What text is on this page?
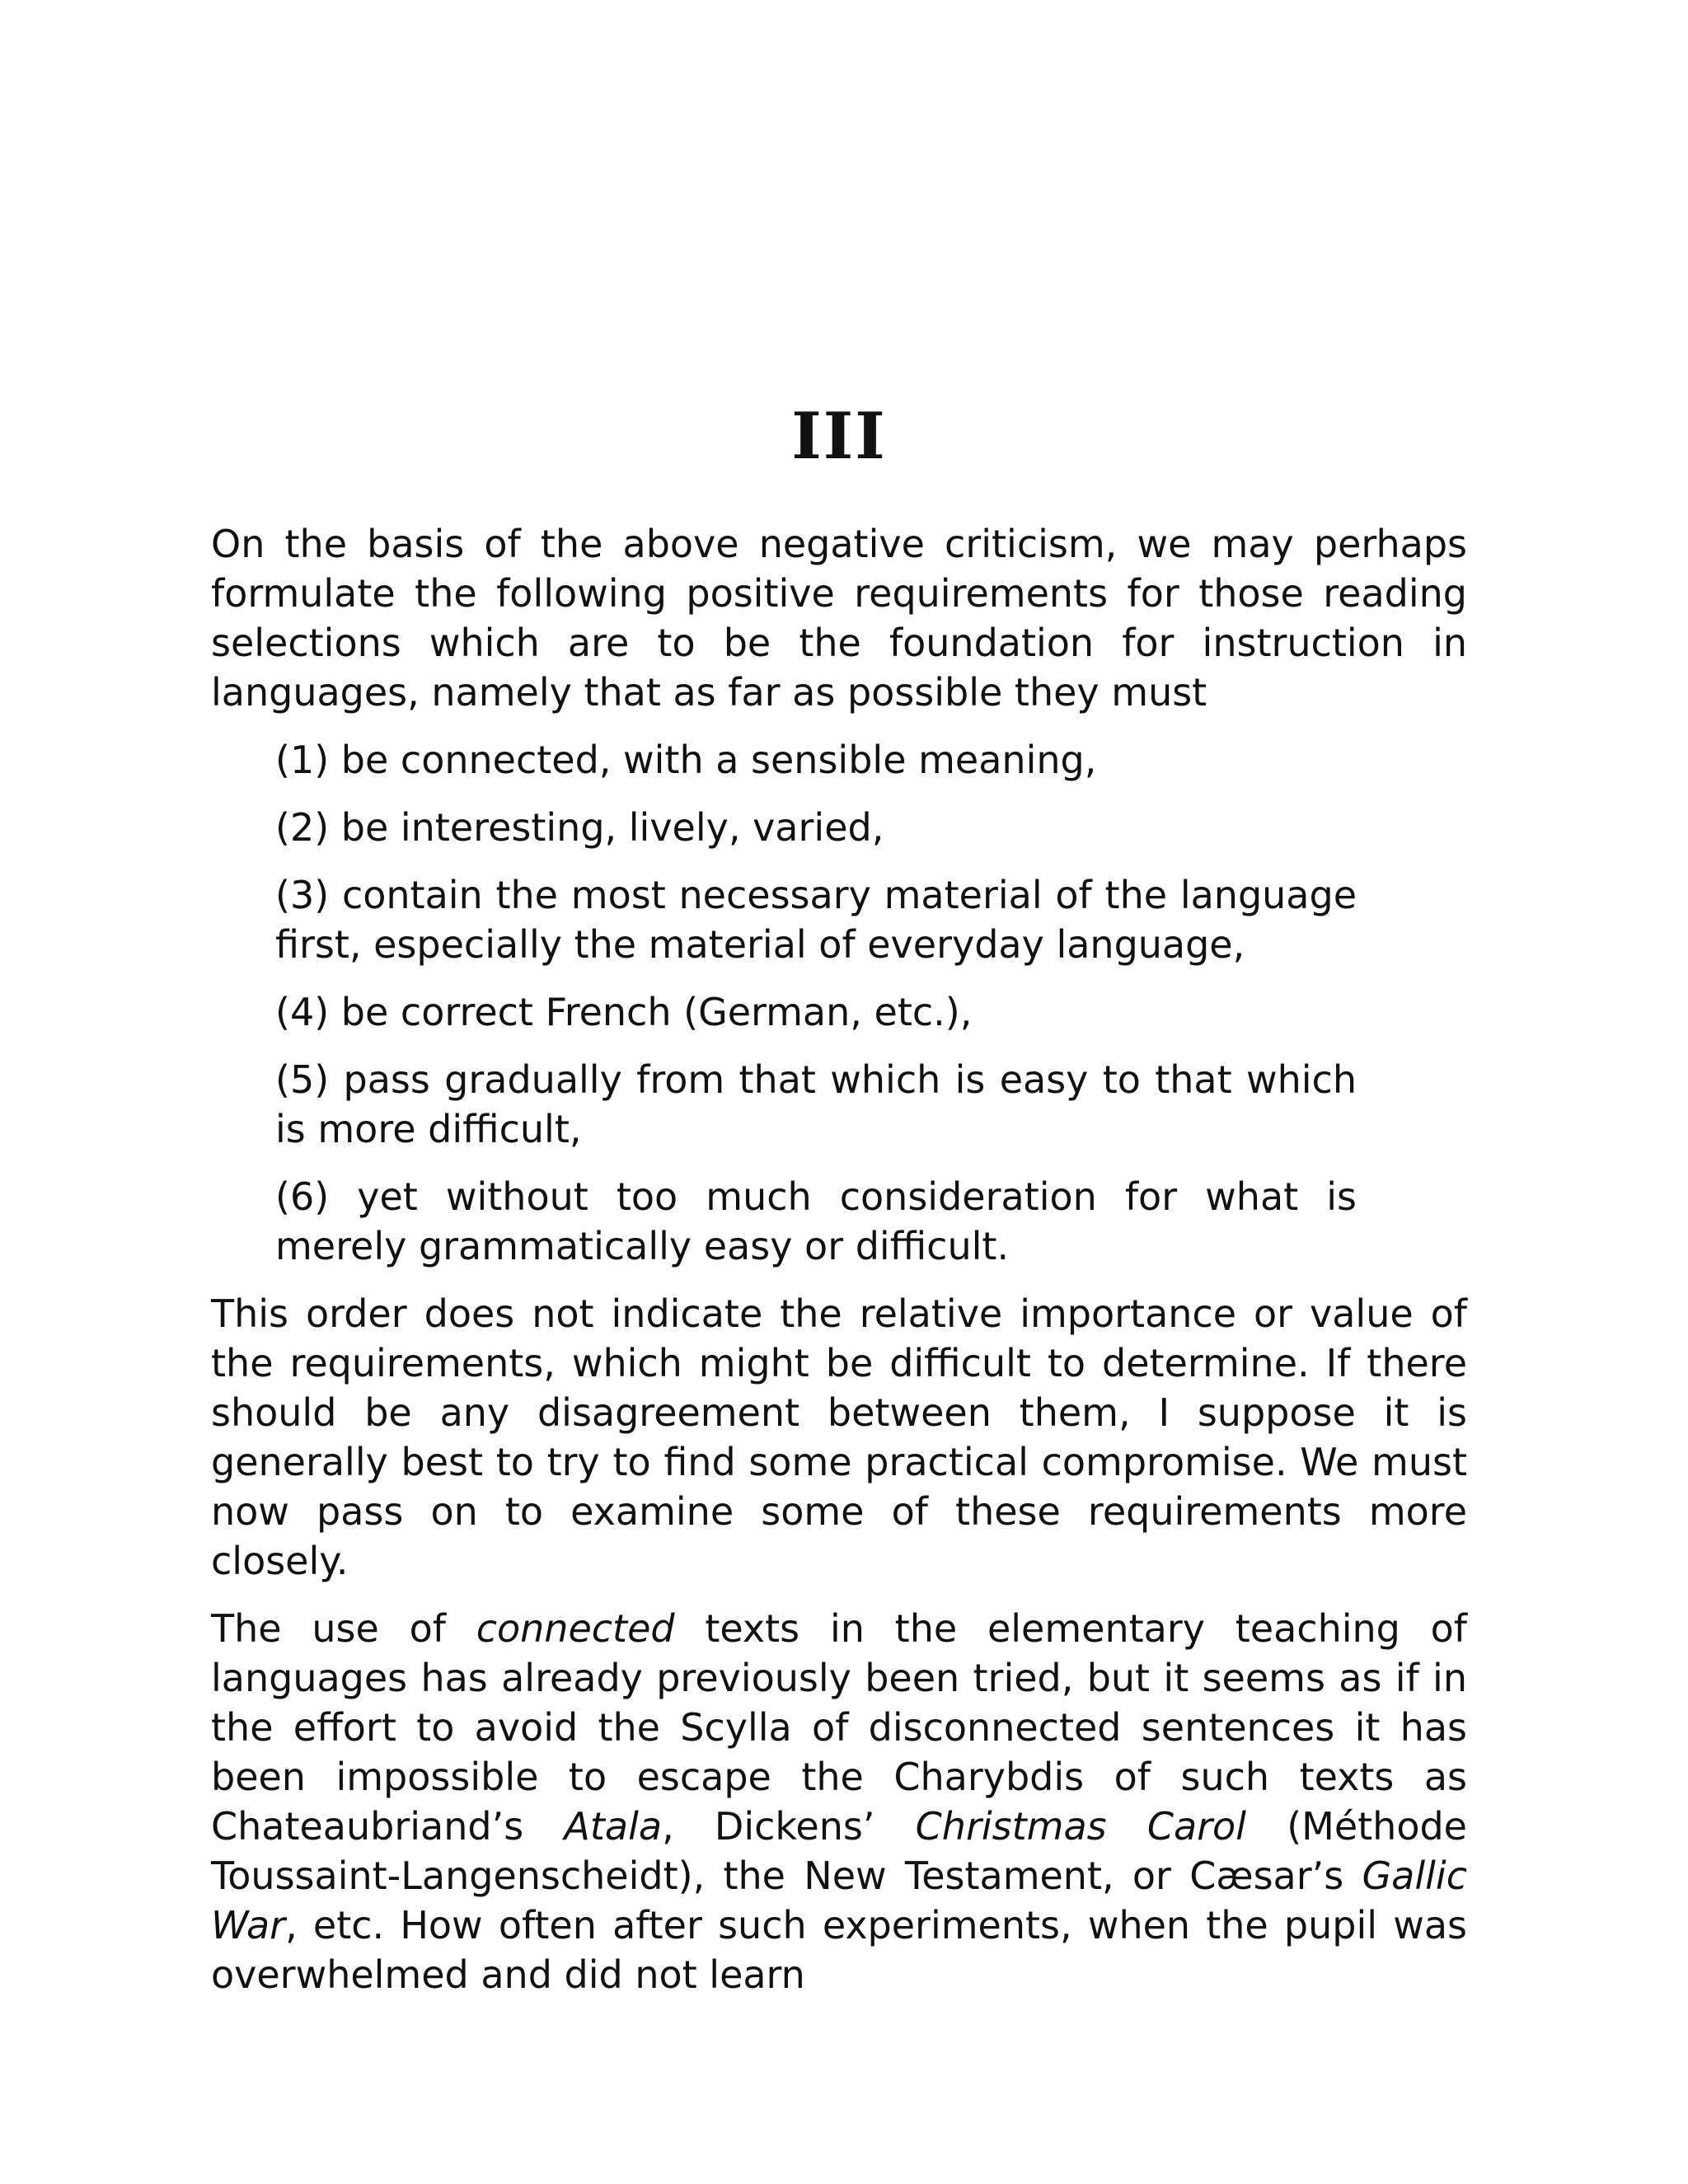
III

On the basis of the above negative criticism, we may perhaps formulate the following positive requirements for those reading selections which are to be the foundation for instruction in languages, namely that as far as possible they must

(1) be connected, with a sensible meaning,
(2) be interesting, lively, varied,
(3) contain the most necessary material of the language first, especially the material of everyday language,
(4) be correct French (German, etc.),
(5) pass gradually from that which is easy to that which is more difficult,
(6) yet without too much consideration for what is merely grammatically easy or difficult.

This order does not indicate the relative importance or value of the requirements, which might be difficult to determine. If there should be any disagreement between them, I suppose it is generally best to try to find some practical compromise. We must now pass on to examine some of these requirements more closely.

The use of connected texts in the elementary teaching of languages has already previously been tried, but it seems as if in the effort to avoid the Scylla of disconnected sentences it has been impossible to escape the Charybdis of such texts as Chateaubriand’s Atala, Dickens’ Christmas Carol (Méthode Toussaint-Langenscheidt), the New Testament, or Cæsar’s Gallic War, etc. How often after such experiments, when the pupil was overwhelmed and did not learn
